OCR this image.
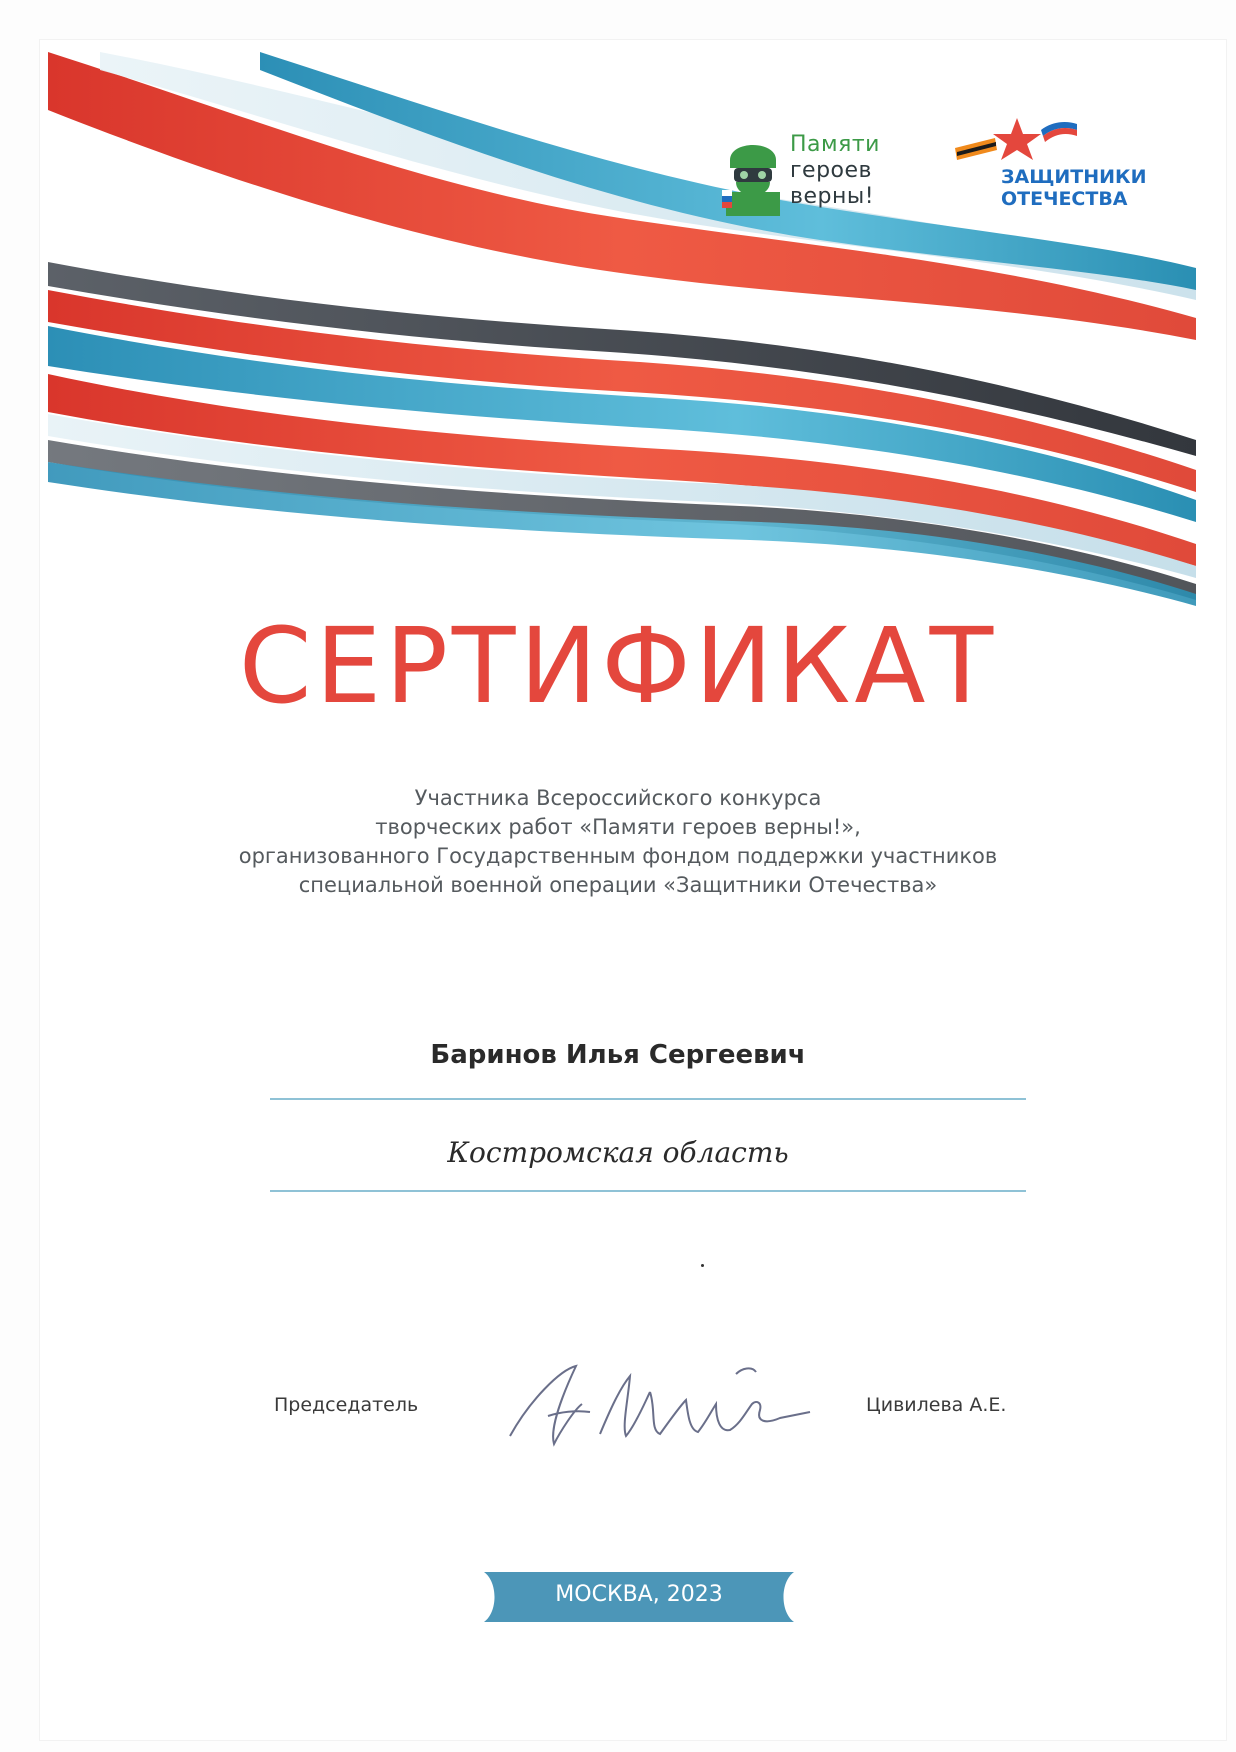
Памяти
героев
верны!
ЗАЩИТНИКИ
ОТЕЧЕСТВА
СЕРТИФИКАТ
Участника Всероссийского конкурса
творческих работ «Памяти героев верны!»,
организованного Государственным фондом поддержки участников
специальной военной операции «Защитники Отечества»
Баринов Илья Сергеевич
Костромская область
Председатель	Цивилева А.Е.
МОСКВА, 2023
